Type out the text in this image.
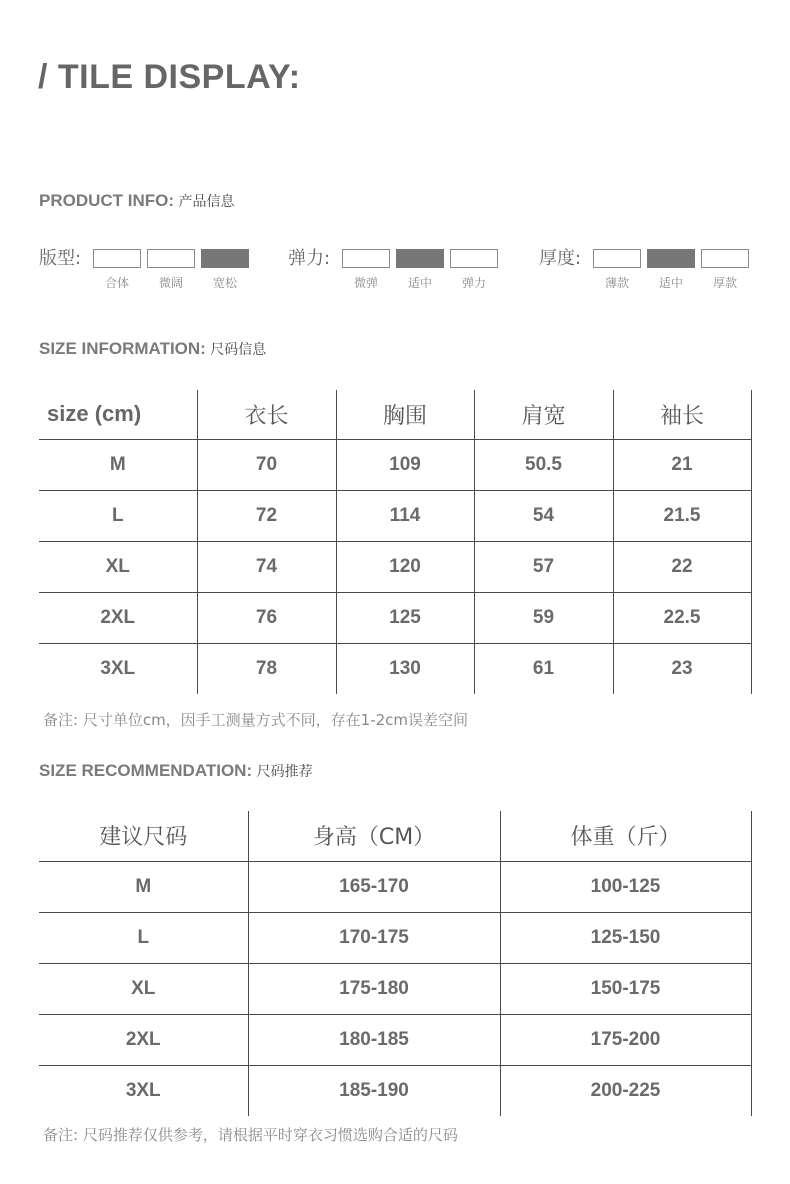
/ TILE DISPLAY:
PRODUCT INFO: 产品信息
版型:
合体	微阔	宽松
弹力:
微弹	适中	弹力
厚度:
薄款	适中	厚款
SIZE INFORMATION: 尺码信息
size (cm)	衣长	胸围	肩宽	袖长
M	70	109	50.5	21
L	72	114	54	21.5
XL	74	120	57	22
2XL	76	125	59	22.5
3XL	78	130	61	23
备注: 尺寸单位cm，因手工测量方式不同，存在1-2cm误差空间
SIZE RECOMMENDATION: 尺码推荐
建议尺码	身高（CM）	体重（斤）
M	165-170	100-125
L	170-175	125-150
XL	175-180	150-175
2XL	180-185	175-200
3XL	185-190	200-225
备注: 尺码推荐仅供参考，请根据平时穿衣习惯选购合适的尺码
